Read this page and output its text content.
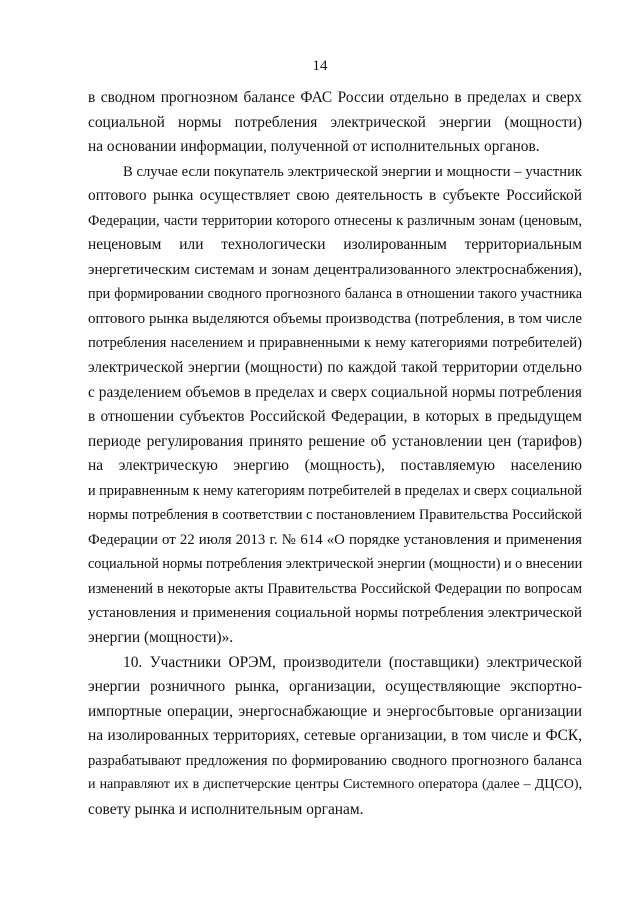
14
в сводном прогнозном балансе ФАС России отдельно в пределах и сверх
социальной нормы потребления электрической энергии (мощности)
на основании информации, полученной от исполнительных органов.
В случае если покупатель электрической энергии и мощности – участник
оптового рынка осуществляет свою деятельность в субъекте Российской
Федерации, части территории которого отнесены к различным зонам (ценовым,
неценовым или технологически изолированным территориальным
энергетическим системам и зонам децентрализованного электроснабжения),
при формировании сводного прогнозного баланса в отношении такого участника
оптового рынка выделяются объемы производства (потребления, в том числе
потребления населением и приравненными к нему категориями потребителей)
электрической энергии (мощности) по каждой такой территории отдельно
с разделением объемов в пределах и сверх социальной нормы потребления
в отношении субъектов Российской Федерации, в которых в предыдущем
периоде регулирования принято решение об установлении цен (тарифов)
на электрическую энергию (мощность), поставляемую населению
и приравненным к нему категориям потребителей в пределах и сверх социальной
нормы потребления в соответствии с постановлением Правительства Российской
Федерации от 22 июля 2013 г. № 614 «О порядке установления и применения
социальной нормы потребления электрической энергии (мощности) и о внесении
изменений в некоторые акты Правительства Российской Федерации по вопросам
установления и применения социальной нормы потребления электрической
энергии (мощности)».
10. Участники ОРЭМ, производители (поставщики) электрической
энергии розничного рынка, организации, осуществляющие экспортно-
импортные операции, энергоснабжающие и энергосбытовые организации
на изолированных территориях, сетевые организации, в том числе и ФСК,
разрабатывают предложения по формированию сводного прогнозного баланса
и направляют их в диспетчерские центры Системного оператора (далее – ДЦСО),
совету рынка и исполнительным органам.
